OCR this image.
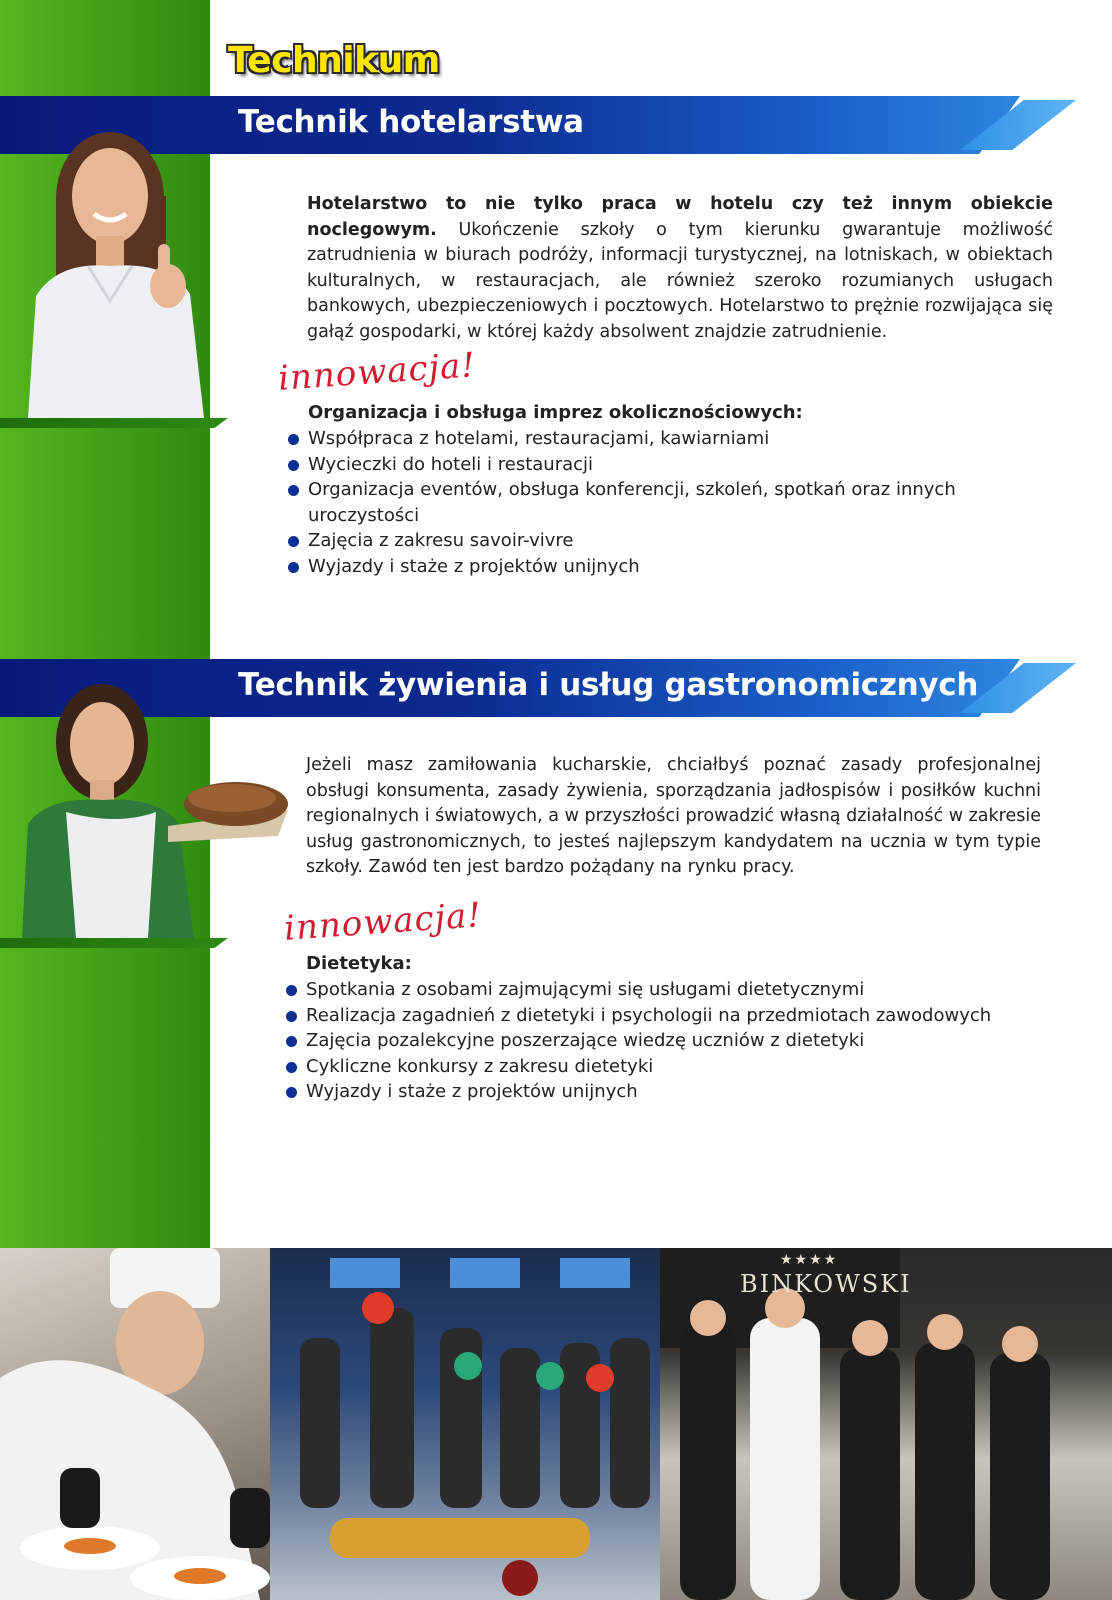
Technikum
Technik hotelarstwa
Hotelarstwo to nie tylko praca w hotelu czy też innym obiekcie noclegowym. Ukończenie szkoły o tym kierunku gwarantuje możliwość zatrudnienia w biurach podróży, informacji turystycznej, na lotniskach, w obiektach kulturalnych, w restauracjach, ale również szeroko rozumianych usługach bankowych, ubezpieczeniowych i pocztowych. Hotelarstwo to prężnie rozwijająca się gałąź gospodarki, w której każdy absolwent znajdzie zatrudnienie.
innowacja!
Organizacja i obsługa imprez okolicznościowych:
Współpraca z hotelami, restauracjami, kawiarniami
Wycieczki do hoteli i restauracji
Organizacja eventów, obsługa konferencji, szkoleń, spotkań oraz innych uroczystości
Zajęcia z zakresu savoir-vivre
Wyjazdy i staże z projektów unijnych
Technik żywienia i usług gastronomicznych
Jeżeli masz zamiłowania kucharskie, chciałbyś poznać zasady profesjonalnej obsługi konsumenta, zasady żywienia, sporządzania jadłospisów i posiłków kuchni regionalnych i światowych, a w przyszłości prowadzić własną działalność w zakresie usług gastronomicznych, to jesteś najlepszym kandydatem na ucznia w tym typie szkoły. Zawód ten jest bardzo pożądany na rynku pracy.
innowacja!
Dietetyka:
Spotkania z osobami zajmującymi się usługami dietetycznymi
Realizacja zagadnień z dietetyki i psychologii na przedmiotach zawodowych
Zajęcia pozalekcyjne poszerzające wiedzę uczniów z dietetyki
Cykliczne konkursy z zakresu dietetyki
Wyjazdy i staże z projektów unijnych
★★★★
BINKOWSKI
